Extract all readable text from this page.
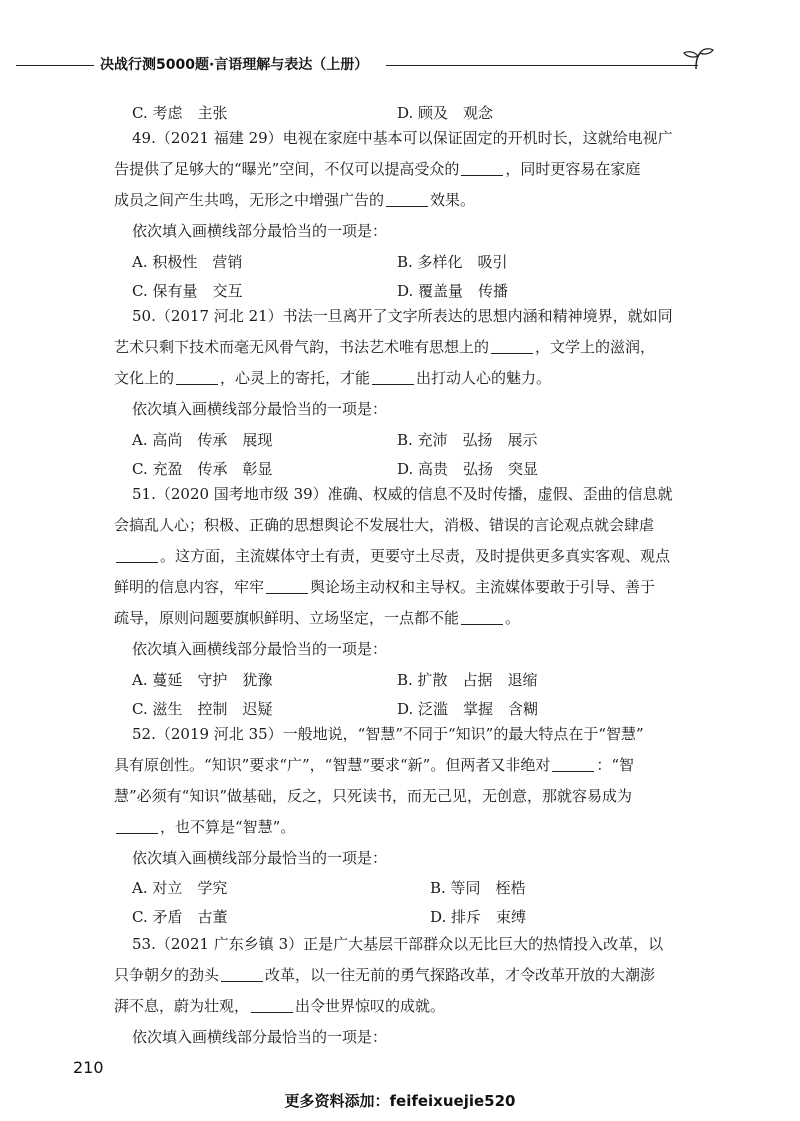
决战行测5000题·言语理解与表达（上册）
C. 考虑　主张	D. 顾及　观念
49.（2021 福建 29）电视在家庭中基本可以保证固定的开机时长，这就给电视广
告提供了足够大的“曝光”空间，不仅可以提高受众的	，同时更容易在家庭
成员之间产生共鸣，无形之中增强广告的	效果。
依次填入画横线部分最恰当的一项是：
A. 积极性　营销	B. 多样化　吸引
C. 保有量　交互	D. 覆盖量　传播
50.（2017 河北 21）书法一旦离开了文字所表达的思想内涵和精神境界，就如同
艺术只剩下技术而毫无风骨气韵，书法艺术唯有思想上的	，文学上的滋润，
文化上的	，心灵上的寄托，才能	出打动人心的魅力。
依次填入画横线部分最恰当的一项是：
A. 高尚　传承　展现	B. 充沛　弘扬　展示
C. 充盈　传承　彰显	D. 高贵　弘扬　突显
51.（2020 国考地市级 39）准确、权威的信息不及时传播，虚假、歪曲的信息就
会搞乱人心；积极、正确的思想舆论不发展壮大，消极、错误的言论观点就会肆虐
。这方面，主流媒体守土有责，更要守土尽责，及时提供更多真实客观、观点
鲜明的信息内容，牢牢	舆论场主动权和主导权。主流媒体要敢于引导、善于
疏导，原则问题要旗帜鲜明、立场坚定，一点都不能	。
依次填入画横线部分最恰当的一项是：
A. 蔓延　守护　犹豫	B. 扩散　占据　退缩
C. 滋生　控制　迟疑	D. 泛滥　掌握　含糊
52.（2019 河北 35）一般地说，“智慧”不同于“知识”的最大特点在于“智慧”
具有原创性。“知识”要求“广”，“智慧”要求“新”。但两者又非绝对	：“智
慧”必须有“知识”做基础，反之，只死读书，而无己见，无创意，那就容易成为
，也不算是“智慧”。
依次填入画横线部分最恰当的一项是：
A. 对立　学究	B. 等同　桎梏
C. 矛盾　古董	D. 排斥　束缚
53.（2021 广东乡镇 3）正是广大基层干部群众以无比巨大的热情投入改革，以
只争朝夕的劲头	改革，以一往无前的勇气探路改革，才令改革开放的大潮澎
湃不息，蔚为壮观，	出令世界惊叹的成就。
依次填入画横线部分最恰当的一项是：
210
更多资料添加：feifeixuejie520
